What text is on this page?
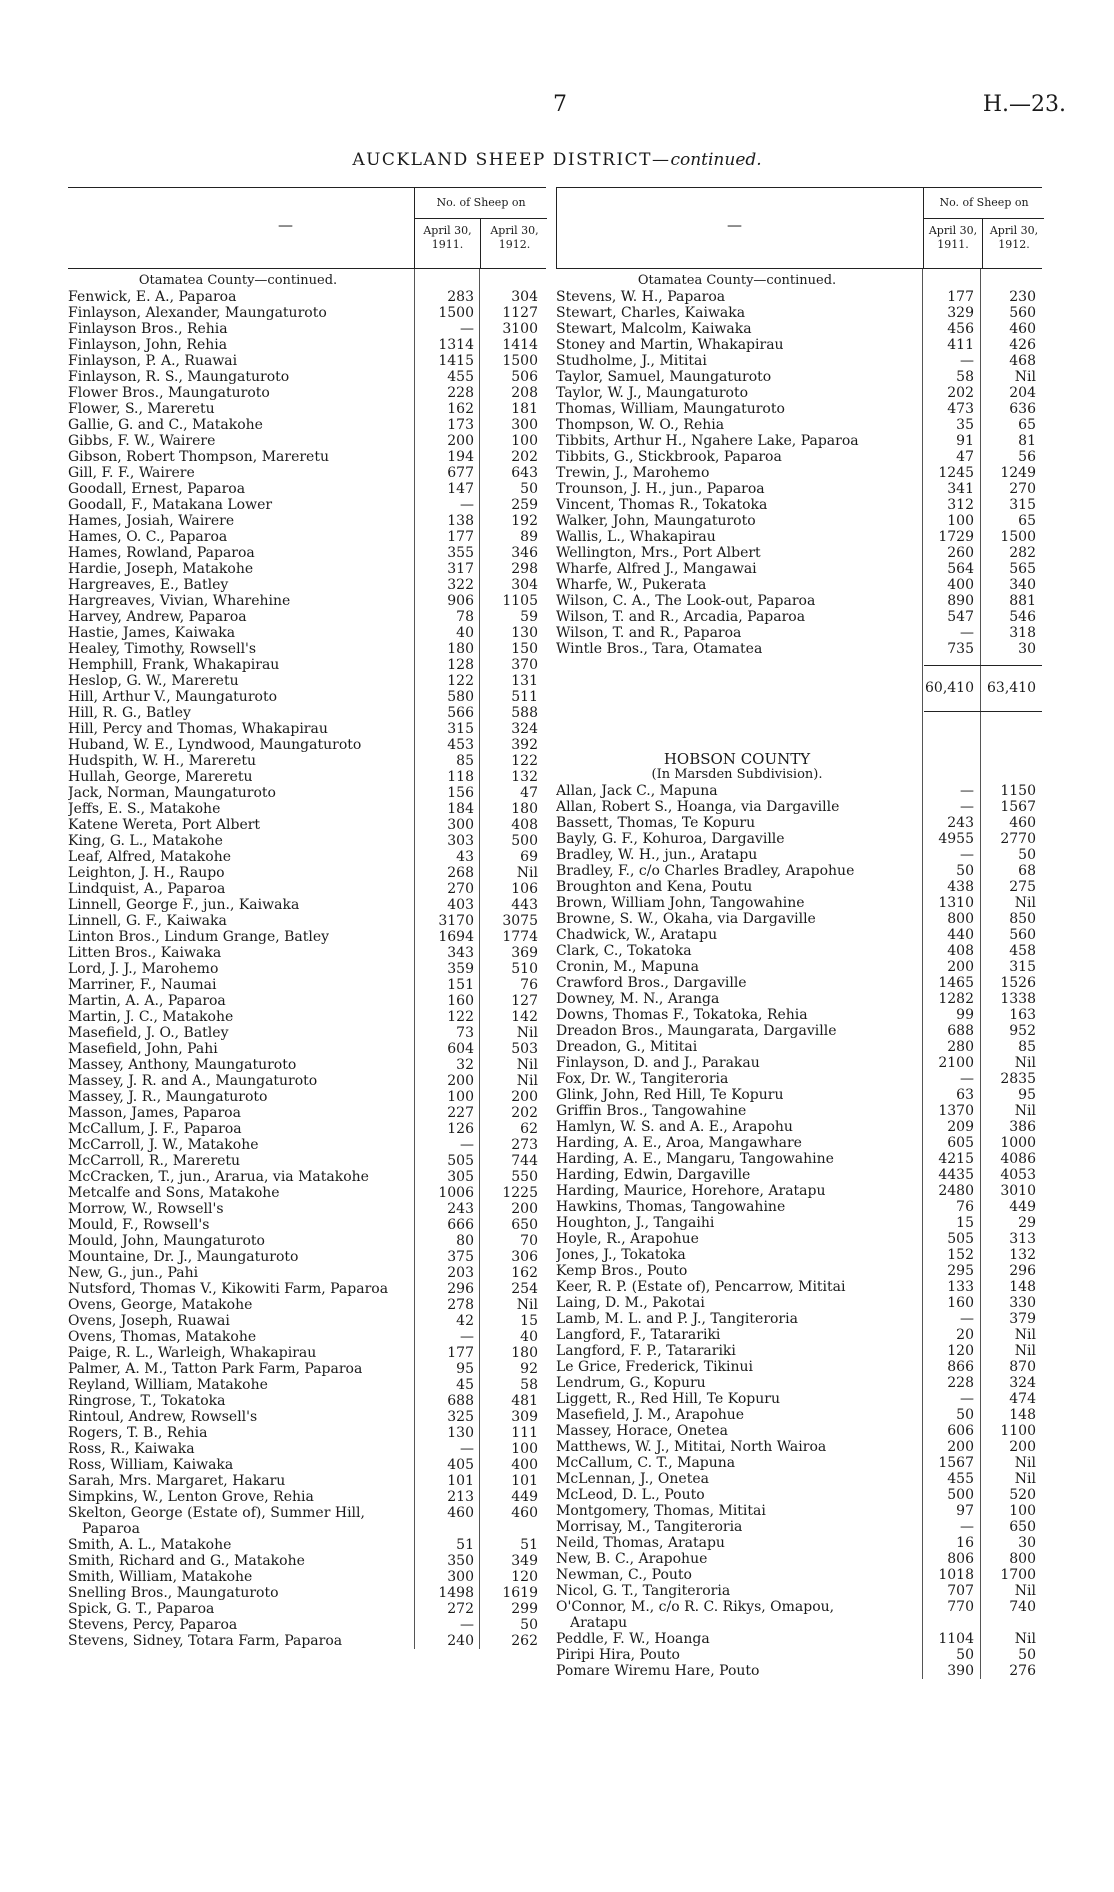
7	H.—23.
AUCKLAND SHEEP DISTRICT—continued.
—
No. of Sheep on
April 30, 1911.
April 30, 1912.
Otamatea County—continued.
Fenwick, E. A., Paparoa	283	304
Finlayson, Alexander, Maungaturoto	1500 1127
Finlayson Bros., Rehia	— 3100
Finlayson, John, Rehia	1314 1414
Finlayson, P. A., Ruawai	1415 1500
Finlayson, R. S., Maungaturoto	455	506
Flower Bros., Maungaturoto	228	208
Flower, S., Mareretu	162	181
Gallie, G. and C., Matakohe	173	300
Gibbs, F. W., Wairere	200	100
Gibson, Robert Thompson, Mareretu	194	202
Gill, F. F., Wairere	677	643
Goodall, Ernest, Paparoa	147	50
Goodall, F., Matakana Lower	—	259
Hames, Josiah, Wairere	138	192
Hames, O. C., Paparoa	177	89
Hames, Rowland, Paparoa	355	346
Hardie, Joseph, Matakohe	317	298
Hargreaves, E., Batley	322	304
Hargreaves, Vivian, Wharehine	906 1105
Harvey, Andrew, Paparoa	78	59
Hastie, James, Kaiwaka	40	130
Healey, Timothy, Rowsell's	180	150
Hemphill, Frank, Whakapirau	128	370
Heslop, G. W., Mareretu	122	131
Hill, Arthur V., Maungaturoto	580	511
Hill, R. G., Batley	566	588
Hill, Percy and Thomas, Whakapirau	315	324
Huband, W. E., Lyndwood, Maungaturoto	453	392
Hudspith, W. H., Mareretu	85	122
Hullah, George, Mareretu	118	132
Jack, Norman, Maungaturoto	156	47
Jeffs, E. S., Matakohe	184	180
Katene Wereta, Port Albert	300	408
King, G. L., Matakohe	303	500
Leaf, Alfred, Matakohe	43	69
Leighton, J. H., Raupo	268	Nil
Lindquist, A., Paparoa	270	106
Linnell, George F., jun., Kaiwaka	403	443
Linnell, G. F., Kaiwaka	3170 3075
Linton Bros., Lindum Grange, Batley	1694 1774
Litten Bros., Kaiwaka	343	369
Lord, J. J., Marohemo	359	510
Marriner, F., Naumai	151	76
Martin, A. A., Paparoa	160	127
Martin, J. C., Matakohe	122	142
Masefield, J. O., Batley	73	Nil
Masefield, John, Pahi	604	503
Massey, Anthony, Maungaturoto	32	Nil
Massey, J. R. and A., Maungaturoto	200	Nil
Massey, J. R., Maungaturoto	100	200
Masson, James, Paparoa	227	202
McCallum, J. F., Paparoa	126	62
McCarroll, J. W., Matakohe	—	273
McCarroll, R., Mareretu	505	744
McCracken, T., jun., Ararua, via Matakohe	305	550
Metcalfe and Sons, Matakohe	1006 1225
Morrow, W., Rowsell's	243	200
Mould, F., Rowsell's	666	650
Mould, John, Maungaturoto	80	70
Mountaine, Dr. J., Maungaturoto	375	306
New, G., jun., Pahi	203	162
Nutsford, Thomas V., Kikowiti Farm, Paparoa	296	254
Ovens, George, Matakohe	278	Nil
Ovens, Joseph, Ruawai	42	15
Ovens, Thomas, Matakohe	—	40
Paige, R. L., Warleigh, Whakapirau	177	180
Palmer, A. M., Tatton Park Farm, Paparoa	95	92
Reyland, William, Matakohe	45	58
Ringrose, T., Tokatoka	688	481
Rintoul, Andrew, Rowsell's	325	309
Rogers, T. B., Rehia	130	111
Ross, R., Kaiwaka	—	100
Ross, William, Kaiwaka	405	400
Sarah, Mrs. Margaret, Hakaru	101	101
Simpkins, W., Lenton Grove, Rehia	213	449
Skelton, George (Estate of), Summer Hill,	460	460
Paparoa
Smith, A. L., Matakohe	51	51
Smith, Richard and G., Matakohe	350	349
Smith, William, Matakohe	300	120
Snelling Bros., Maungaturoto	1498 1619
Spick, G. T., Paparoa	272	299
Stevens, Percy, Paparoa	—	50
Stevens, Sidney, Totara Farm, Paparoa	240	262
—
No. of Sheep on
April 30, 1911.
April 30, 1912.
Otamatea County—continued.
Stevens, W. H., Paparoa	177	230
Stewart, Charles, Kaiwaka	329	560
Stewart, Malcolm, Kaiwaka	456	460
Stoney and Martin, Whakapirau	411	426
Studholme, J., Mititai	—	468
Taylor, Samuel, Maungaturoto	58	Nil
Taylor, W. J., Maungaturoto	202	204
Thomas, William, Maungaturoto	473	636
Thompson, W. O., Rehia	35	65
Tibbits, Arthur H., Ngahere Lake, Paparoa	91	81
Tibbits, G., Stickbrook, Paparoa	47	56
Trewin, J., Marohemo	1245 1249
Trounson, J. H., jun., Paparoa	341	270
Vincent, Thomas R., Tokatoka	312	315
Walker, John, Maungaturoto	100	65
Wallis, L., Whakapirau	1729 1500
Wellington, Mrs., Port Albert	260	282
Wharfe, Alfred J., Mangawai	564	565
Wharfe, W., Pukerata	400	340
Wilson, C. A., The Look-out, Paparoa	890	881
Wilson, T. and R., Arcadia, Paparoa	547	546
Wilson, T. and R., Paparoa	—	318
Wintle Bros., Tara, Otamatea	735	30
60,410 63,410
HOBSON COUNTY
(In Marsden Subdivision).
Allan, Jack C., Mapuna	— 1150
Allan, Robert S., Hoanga, via Dargaville	— 1567
Bassett, Thomas, Te Kopuru	243	460
Bayly, G. F., Kohuroa, Dargaville	4955 2770
Bradley, W. H., jun., Aratapu	—	50
Bradley, F., c/o Charles Bradley, Arapohue	50	68
Broughton and Kena, Poutu	438	275
Brown, William John, Tangowahine	1310	Nil
Browne, S. W., Okaha, via Dargaville	800	850
Chadwick, W., Aratapu	440	560
Clark, C., Tokatoka	408	458
Cronin, M., Mapuna	200	315
Crawford Bros., Dargaville	1465 1526
Downey, M. N., Aranga	1282 1338
Downs, Thomas F., Tokatoka, Rehia	99	163
Dreadon Bros., Maungarata, Dargaville	688	952
Dreadon, G., Mititai	280	85
Finlayson, D. and J., Parakau	2100	Nil
Fox, Dr. W., Tangiteroria	— 2835
Glink, John, Red Hill, Te Kopuru	63	95
Griffin Bros., Tangowahine	1370	Nil
Hamlyn, W. S. and A. E., Arapohu	209	386
Harding, A. E., Aroa, Mangawhare	605 1000
Harding, A. E., Mangaru, Tangowahine	4215 4086
Harding, Edwin, Dargaville	4435 4053
Harding, Maurice, Horehore, Aratapu	2480 3010
Hawkins, Thomas, Tangowahine	76	449
Houghton, J., Tangaihi	15	29
Hoyle, R., Arapohue	505	313
Jones, J., Tokatoka	152	132
Kemp Bros., Pouto	295	296
Keer, R. P. (Estate of), Pencarrow, Mititai	133	148
Laing, D. M., Pakotai	160	330
Lamb, M. L. and P. J., Tangiteroria	—	379
Langford, F., Tatarariki	20	Nil
Langford, F. P., Tatarariki	120	Nil
Le Grice, Frederick, Tikinui	866	870
Lendrum, G., Kopuru	228	324
Liggett, R., Red Hill, Te Kopuru	—	474
Masefield, J. M., Arapohue	50	148
Massey, Horace, Onetea	606 1100
Matthews, W. J., Mititai, North Wairoa	200	200
McCallum, C. T., Mapuna	1567	Nil
McLennan, J., Onetea	455	Nil
McLeod, D. L., Pouto	500	520
Montgomery, Thomas, Mititai	97	100
Morrisay, M., Tangiteroria	—	650
Neild, Thomas, Aratapu	16	30
New, B. C., Arapohue	806	800
Newman, C., Pouto	1018 1700
Nicol, G. T., Tangiteroria	707	Nil
O'Connor, M., c/o R. C. Rikys, Omapou,	770	740
Aratapu
Peddle, F. W., Hoanga	1104	Nil
Piripi Hira, Pouto	50	50
Pomare Wiremu Hare, Pouto	390	276
